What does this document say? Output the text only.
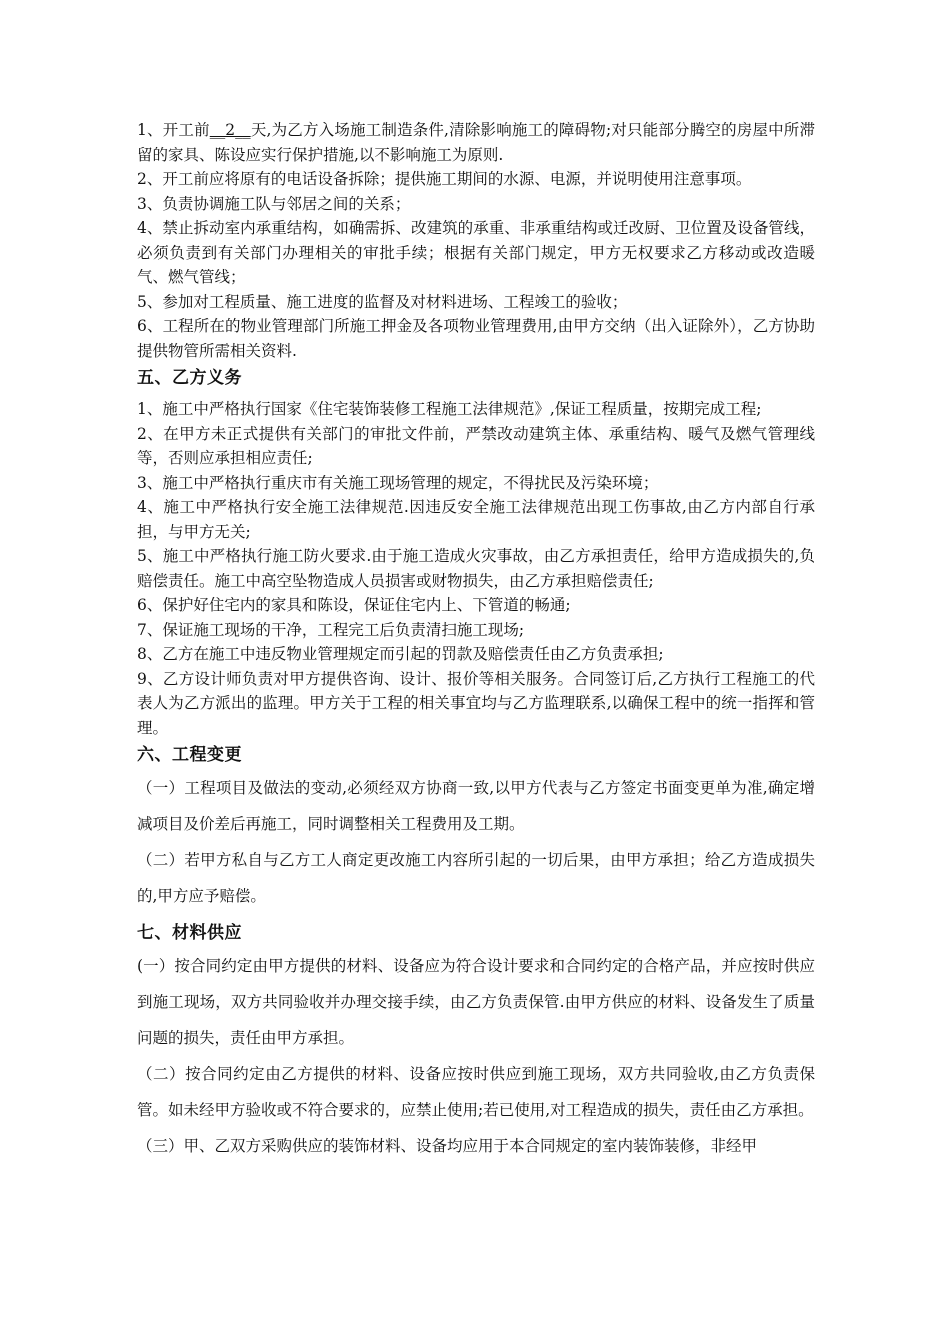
1、开工前__2__天,为乙方入场施工制造条件,清除影响施工的障碍物;对只能部分腾空的房屋中所滞留的家具、陈设应实行保护措施,以不影响施工为原则.

2、开工前应将原有的电话设备拆除；提供施工期间的水源、电源，并说明使用注意事项。

3、负责协调施工队与邻居之间的关系；

4、禁止拆动室内承重结构，如确需拆、改建筑的承重、非承重结构或迁改厨、卫位置及设备管线，必须负责到有关部门办理相关的审批手续；根据有关部门规定，甲方无权要求乙方移动或改造暖气、燃气管线；

5、参加对工程质量、施工进度的监督及对材料进场、工程竣工的验收；

6、工程所在的物业管理部门所施工押金及各项物业管理费用,由甲方交纳（出入证除外），乙方协助提供物管所需相关资料.

五、乙方义务

1、施工中严格执行国家《住宅装饰装修工程施工法律规范》,保证工程质量，按期完成工程;

2、在甲方未正式提供有关部门的审批文件前，严禁改动建筑主体、承重结构、暖气及燃气管理线等，否则应承担相应责任;

3、施工中严格执行重庆市有关施工现场管理的规定，不得扰民及污染环境；

4、施工中严格执行安全施工法律规范.因违反安全施工法律规范出现工伤事故,由乙方内部自行承担，与甲方无关;

5、施工中严格执行施工防火要求.由于施工造成火灾事故，由乙方承担责任，给甲方造成损失的,负赔偿责任。施工中高空坠物造成人员损害或财物损失，由乙方承担赔偿责任;

6、保护好住宅内的家具和陈设，保证住宅内上、下管道的畅通;

7、保证施工现场的干净，工程完工后负责清扫施工现场;

8、乙方在施工中违反物业管理规定而引起的罚款及赔偿责任由乙方负责承担;

9、乙方设计师负责对甲方提供咨询、设计、报价等相关服务。合同签订后,乙方执行工程施工的代表人为乙方派出的监理。甲方关于工程的相关事宜均与乙方监理联系,以确保工程中的统一指挥和管理。

六、工程变更

（一）工程项目及做法的变动,必须经双方协商一致,以甲方代表与乙方签定书面变更单为准,确定增减项目及价差后再施工，同时调整相关工程费用及工期。

（二）若甲方私自与乙方工人商定更改施工内容所引起的一切后果，由甲方承担；给乙方造成损失的,甲方应予赔偿。

七、材料供应

(一）按合同约定由甲方提供的材料、设备应为符合设计要求和合同约定的合格产品，并应按时供应到施工现场，双方共同验收并办理交接手续，由乙方负责保管.由甲方供应的材料、设备发生了质量问题的损失，责任由甲方承担。

（二）按合同约定由乙方提供的材料、设备应按时供应到施工现场，双方共同验收,由乙方负责保管。如未经甲方验收或不符合要求的，应禁止使用;若已使用,对工程造成的损失，责任由乙方承担。

（三）甲、乙双方采购供应的装饰材料、设备均应用于本合同规定的室内装饰装修，非经甲
